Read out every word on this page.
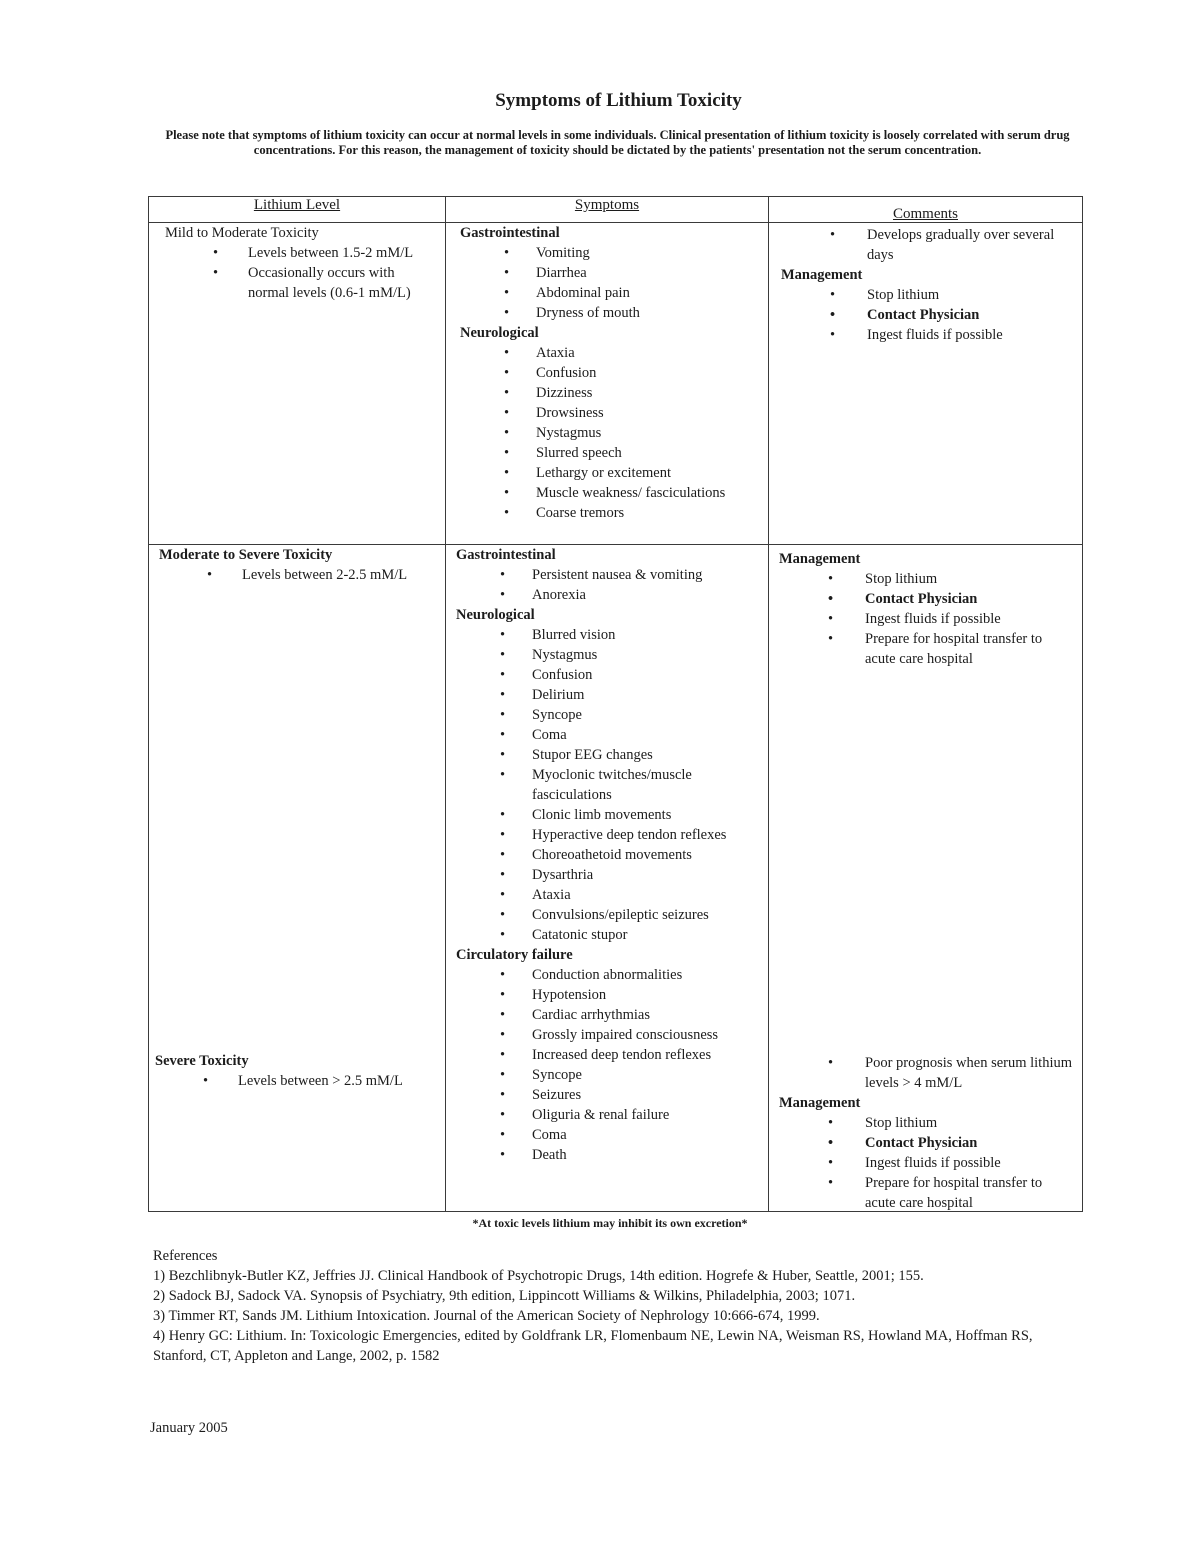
Symptoms of Lithium Toxicity
Please note that symptoms of lithium toxicity can occur at normal levels in some individuals. Clinical presentation of lithium toxicity is loosely correlated with serum drug concentrations. For this reason, the management of toxicity should be dictated by the patients' presentation not the serum concentration.
Lithium Level	Symptoms
Comments
Mild to Moderate Toxicity
• Levels between 1.5-2 mM/L
• Occasionally occurs with normal levels (0.6-1 mM/L)
Gastrointestinal
• Vomiting
• Diarrhea
• Abdominal pain
• Dryness of mouth
Neurological
• Ataxia
• Confusion
• Dizziness
• Drowsiness
• Nystagmus
• Slurred speech
• Lethargy or excitement
• Muscle weakness/ fasciculations
• Coarse tremors
• Develops gradually over several days
Management
• Stop lithium
• Contact Physician
• Ingest fluids if possible
Moderate to Severe Toxicity
• Levels between 2-2.5 mM/L
Severe Toxicity
• Levels between > 2.5 mM/L
Gastrointestinal
• Persistent nausea & vomiting
• Anorexia
Neurological
• Blurred vision
• Nystagmus
• Confusion
• Delirium
• Syncope
• Coma
• Stupor EEG changes
• Myoclonic twitches/muscle fasciculations
• Clonic limb movements
• Hyperactive deep tendon reflexes
• Choreoathetoid movements
• Dysarthria
• Ataxia
• Convulsions/epileptic seizures
• Catatonic stupor
Circulatory failure
• Conduction abnormalities
• Hypotension
• Cardiac arrhythmias
• Grossly impaired consciousness
• Increased deep tendon reflexes
• Syncope
• Seizures
• Oliguria & renal failure
• Coma
• Death
Management
• Stop lithium
• Contact Physician
• Ingest fluids if possible
• Prepare for hospital transfer to acute care hospital
• Poor prognosis when serum lithium levels > 4 mM/L
Management
• Stop lithium
• Contact Physician
• Ingest fluids if possible
• Prepare for hospital transfer to acute care hospital
*At toxic levels lithium may inhibit its own excretion*
References
1) Bezchlibnyk-Butler KZ, Jeffries JJ. Clinical Handbook of Psychotropic Drugs, 14th edition. Hogrefe & Huber, Seattle, 2001; 155.
2) Sadock BJ, Sadock VA. Synopsis of Psychiatry, 9th edition, Lippincott Williams & Wilkins, Philadelphia, 2003; 1071.
3) Timmer RT, Sands JM. Lithium Intoxication. Journal of the American Society of Nephrology 10:666-674, 1999.
4) Henry GC: Lithium. In: Toxicologic Emergencies, edited by Goldfrank LR, Flomenbaum NE, Lewin NA, Weisman RS, Howland MA, Hoffman RS, Stanford, CT, Appleton and Lange, 2002, p. 1582
January 2005
